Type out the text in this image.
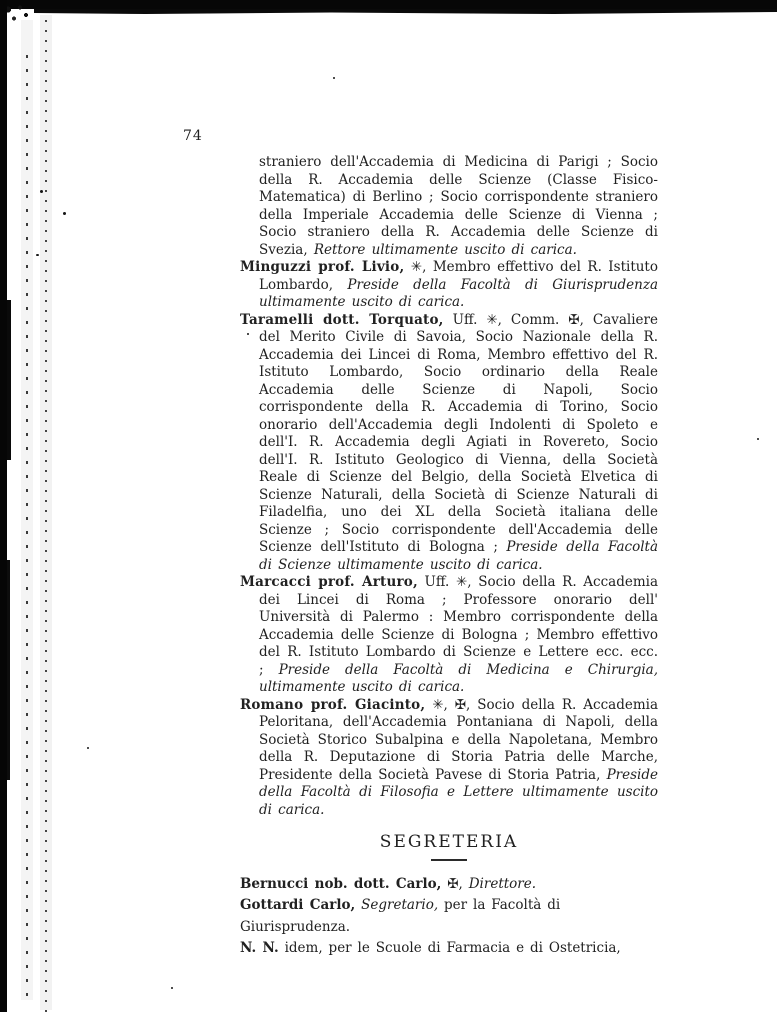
74

straniero dell'Accademia di Medicina di Parigi ; Socio della R. Accademia delle Scienze (Classe Fisico-Matematica) di Berlino ; Socio corrispondente straniero della Imperiale Accademia delle Scienze di Vienna ; Socio straniero della R. Accademia delle Scienze di Svezia, Rettore ultimamente uscito di carica.

Minguzzi prof. Livio, ✳, Membro effettivo del R. Istituto Lombardo, Preside della Facoltà di Giurisprudenza ultimamente uscito di carica.

Taramelli dott. Torquato, Uff. ✳, Comm. ✠, Cavaliere del Merito Civile di Savoia, Socio Nazionale della R. Accademia dei Lincei di Roma, Membro effettivo del R. Istituto Lombardo, Socio ordinario della Reale Accademia delle Scienze di Napoli, Socio corrispondente della R. Accademia di Torino, Socio onorario dell'Accademia degli Indolenti di Spoleto e dell'I. R. Accademia degli Agiati in Rovereto, Socio dell'I. R. Istituto Geologico di Vienna, della Società Reale di Scienze del Belgio, della Società Elvetica di Scienze Naturali, della Società di Scienze Naturali di Filadelfia, uno dei XL della Società italiana delle Scienze ; Socio corrispondente dell'Accademia delle Scienze dell'Istituto di Bologna ; Preside della Facoltà di Scienze ultimamente uscito di carica.

Marcacci prof. Arturo, Uff. ✳, Socio della R. Accademia dei Lincei di Roma ; Professore onorario dell' Università di Palermo : Membro corrispondente della Accademia delle Scienze di Bologna ; Membro effettivo del R. Istituto Lombardo di Scienze e Lettere ecc. ecc. ; Preside della Facoltà di Medicina e Chirurgia, ultimamente uscito di carica.

Romano prof. Giacinto, ✳, ✠, Socio della R. Accademia Peloritana, dell'Accademia Pontaniana di Napoli, della Società Storico Subalpina e della Napoletana, Membro della R. Deputazione di Storia Patria delle Marche, Presidente della Società Pavese di Storia Patria, Preside della Facoltà di Filosofia e Lettere ultimamente uscito di carica.

SEGRETERIA

Bernucci nob. dott. Carlo, ✠, Direttore.

Gottardi Carlo, Segretario, per la Facoltà di Giurisprudenza.

N. N. idem, per le Scuole di Farmacia e di Ostetricia,
